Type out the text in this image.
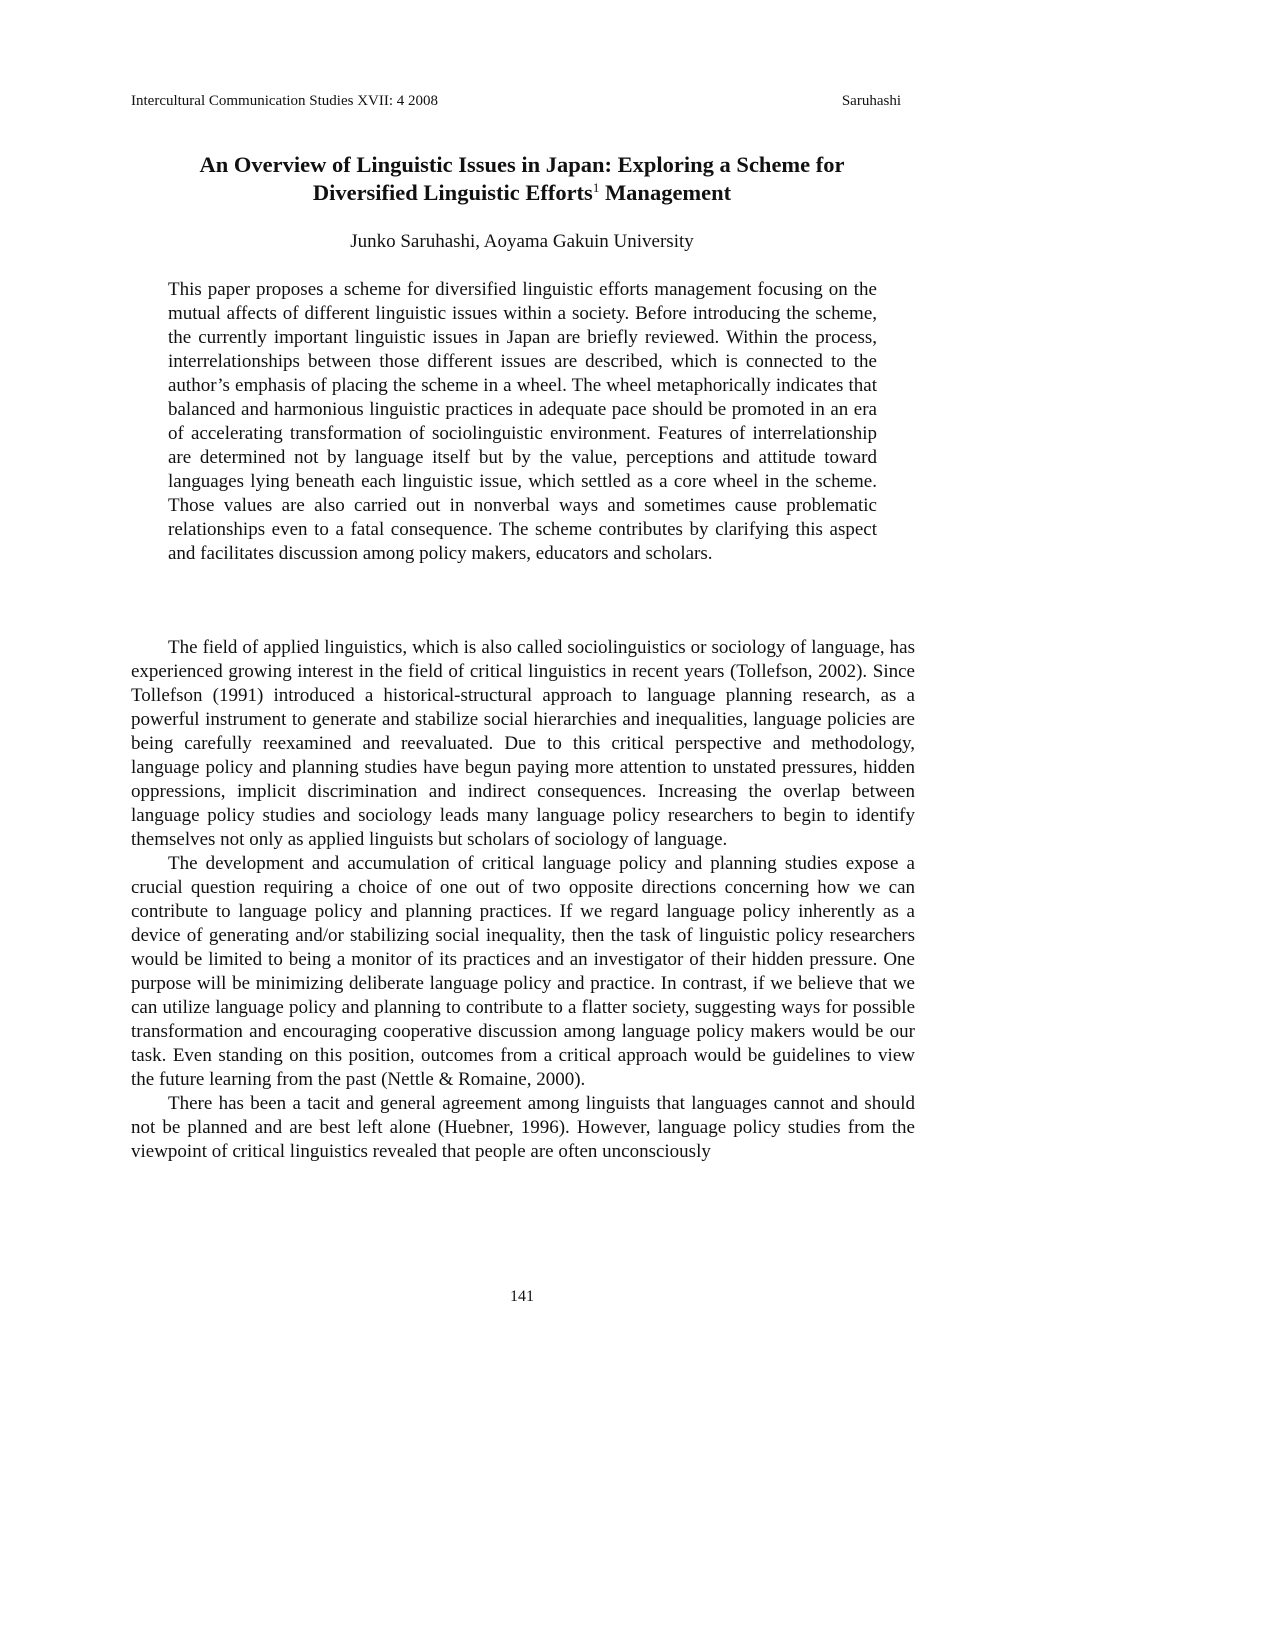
Intercultural Communication Studies XVII: 4 2008	Saruhashi
An Overview of Linguistic Issues in Japan: Exploring a Scheme for
Diversified Linguistic Efforts$^1$ Management
Junko Saruhashi, Aoyama Gakuin University

This paper proposes a scheme for diversified linguistic efforts management focusing on the mutual affects of different linguistic issues within a society. Before introducing the scheme, the currently important linguistic issues in Japan are briefly reviewed. Within the process, interrelationships between those different issues are described, which is connected to the author’s emphasis of placing the scheme in a wheel. The wheel metaphorically indicates that balanced and harmonious linguistic practices in adequate pace should be promoted in an era of accelerating transformation of sociolinguistic environment. Features of interrelationship are determined not by language itself but by the value, perceptions and attitude toward languages lying beneath each linguistic issue, which settled as a core wheel in the scheme. Those values are also carried out in nonverbal ways and sometimes cause problematic relationships even to a fatal consequence. The scheme contributes by clarifying this aspect and facilitates discussion among policy makers, educators and scholars.

The field of applied linguistics, which is also called sociolinguistics or sociology of language, has experienced growing interest in the field of critical linguistics in recent years (Tollefson, 2002). Since Tollefson (1991) introduced a historical-structural approach to language planning research, as a powerful instrument to generate and stabilize social hierarchies and inequalities, language policies are being carefully reexamined and reevaluated. Due to this critical perspective and methodology, language policy and planning studies have begun paying more attention to unstated pressures, hidden oppressions, implicit discrimination and indirect consequences. Increasing the overlap between language policy studies and sociology leads many language policy researchers to begin to identify themselves not only as applied linguists but scholars of sociology of language.

The development and accumulation of critical language policy and planning studies expose a crucial question requiring a choice of one out of two opposite directions concerning how we can contribute to language policy and planning practices. If we regard language policy inherently as a device of generating and/or stabilizing social inequality, then the task of linguistic policy researchers would be limited to being a monitor of its practices and an investigator of their hidden pressure. One purpose will be minimizing deliberate language policy and practice. In contrast, if we believe that we can utilize language policy and planning to contribute to a flatter society, suggesting ways for possible transformation and encouraging cooperative discussion among language policy makers would be our task. Even standing on this position, outcomes from a critical approach would be guidelines to view the future learning from the past (Nettle & Romaine, 2000).

There has been a tacit and general agreement among linguists that languages cannot and should not be planned and are best left alone (Huebner, 1996). However, language policy studies from the viewpoint of critical linguistics revealed that people are often unconsciously

141
